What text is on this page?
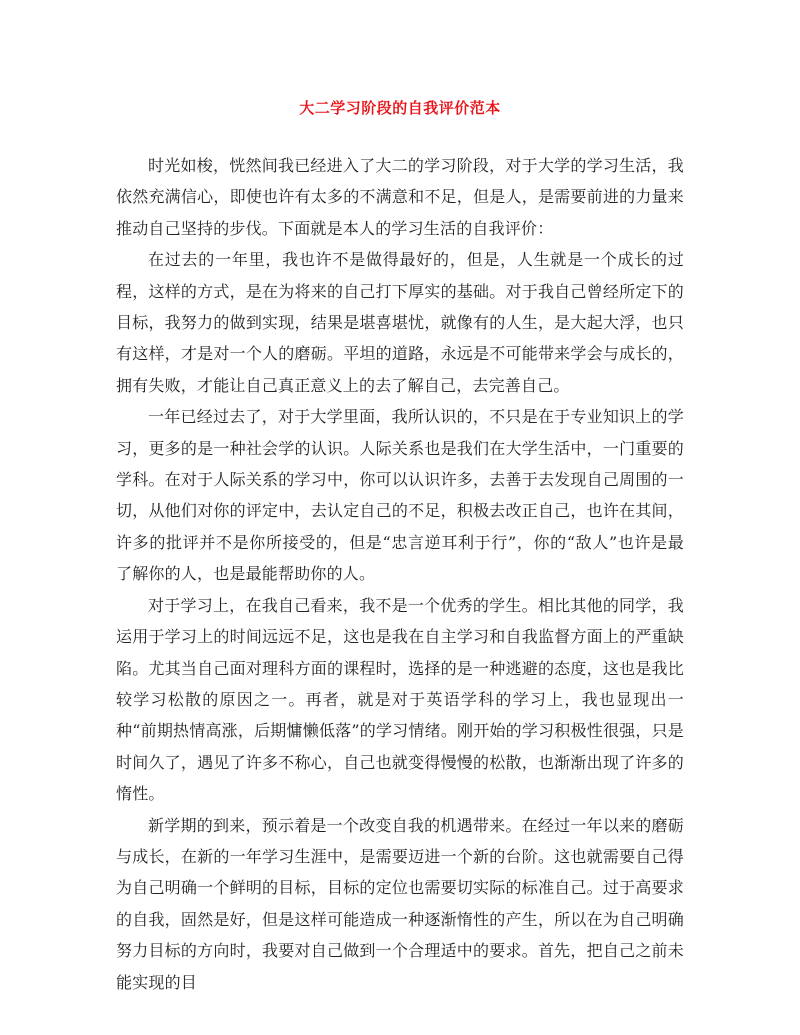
大二学习阶段的自我评价范本

时光如梭，恍然间我已经进入了大二的学习阶段，对于大学的学习生活，我依然充满信心，即使也许有太多的不满意和不足，但是人，是需要前进的力量来推动自己坚持的步伐。下面就是本人的学习生活的自我评价：

在过去的一年里，我也许不是做得最好的，但是，人生就是一个成长的过程，这样的方式，是在为将来的自己打下厚实的基础。对于我自己曾经所定下的目标，我努力的做到实现，结果是堪喜堪忧，就像有的人生，是大起大浮，也只有这样，才是对一个人的磨砺。平坦的道路，永远是不可能带来学会与成长的，拥有失败，才能让自己真正意义上的去了解自己，去完善自己。

一年已经过去了，对于大学里面，我所认识的，不只是在于专业知识上的学习，更多的是一种社会学的认识。人际关系也是我们在大学生活中，一门重要的学科。在对于人际关系的学习中，你可以认识许多，去善于去发现自己周围的一切，从他们对你的评定中，去认定自己的不足，积极去改正自己，也许在其间，许多的批评并不是你所接受的，但是“忠言逆耳利于行”，你的“敌人”也许是最了解你的人，也是最能帮助你的人。

对于学习上，在我自己看来，我不是一个优秀的学生。相比其他的同学，我运用于学习上的时间远远不足，这也是我在自主学习和自我监督方面上的严重缺陷。尤其当自己面对理科方面的课程时，选择的是一种逃避的态度，这也是我比较学习松散的原因之一。再者，就是对于英语学科的学习上，我也显现出一种“前期热情高涨，后期慵懒低落”的学习情绪。刚开始的学习积极性很强，只是时间久了，遇见了许多不称心，自己也就变得慢慢的松散，也渐渐出现了许多的惰性。

新学期的到来，预示着是一个改变自我的机遇带来。在经过一年以来的磨砺与成长，在新的一年学习生涯中，是需要迈进一个新的台阶。这也就需要自己得为自己明确一个鲜明的目标，目标的定位也需要切实际的标准自己。过于高要求的自我，固然是好，但是这样可能造成一种逐渐惰性的产生，所以在为自己明确努力目标的方向时，我要对自己做到一个合理适中的要求。首先，把自己之前未能实现的目
